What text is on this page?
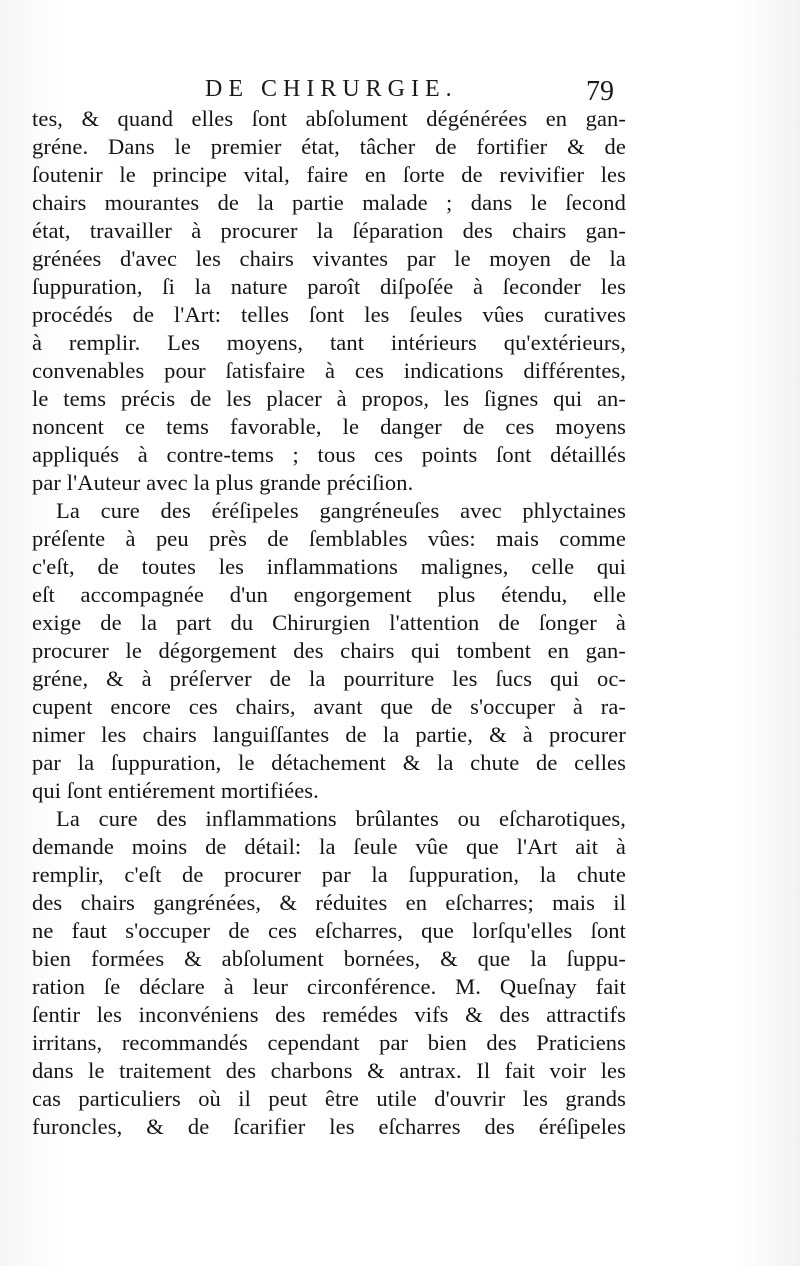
DE CHIRURGIE.	79
tes, & quand elles ſont abſolument dégénérées en gan-
gréne. Dans le premier état, tâcher de fortifier & de
ſoutenir le principe vital, faire en ſorte de revivifier les
chairs mourantes de la partie malade ; dans le ſecond
état, travailler à procurer la ſéparation des chairs gan-
grénées d'avec les chairs vivantes par le moyen de la
ſuppuration, ſi la nature paroît diſpoſée à ſeconder les
procédés de l'Art: telles ſont les ſeules vûes curatives
à remplir. Les moyens, tant intérieurs qu'extérieurs,
convenables pour ſatisfaire à ces indications différentes,
le tems précis de les placer à propos, les ſignes qui an-
noncent ce tems favorable, le danger de ces moyens
appliqués à contre-tems ; tous ces points ſont détaillés
par l'Auteur avec la plus grande préciſion.
La cure des éréſipeles gangréneuſes avec phlyctaines
préſente à peu près de ſemblables vûes: mais comme
c'eſt, de toutes les inflammations malignes, celle qui
eſt accompagnée d'un engorgement plus étendu, elle
exige de la part du Chirurgien l'attention de ſonger à
procurer le dégorgement des chairs qui tombent en gan-
gréne, & à préſerver de la pourriture les ſucs qui oc-
cupent encore ces chairs, avant que de s'occuper à ra-
nimer les chairs languiſſantes de la partie, & à procurer
par la ſuppuration, le détachement & la chute de celles
qui ſont entiérement mortifiées.
La cure des inflammations brûlantes ou eſcharotiques,
demande moins de détail: la ſeule vûe que l'Art ait à
remplir, c'eſt de procurer par la ſuppuration, la chute
des chairs gangrénées, & réduites en eſcharres; mais il
ne faut s'occuper de ces eſcharres, que lorſqu'elles ſont
bien formées & abſolument bornées, & que la ſuppu-
ration ſe déclare à leur circonférence. M. Queſnay fait
ſentir les inconvéniens des remédes vifs & des attractifs
irritans, recommandés cependant par bien des Praticiens
dans le traitement des charbons & antrax. Il fait voir les
cas particuliers où il peut être utile d'ouvrir les grands
furoncles, & de ſcarifier les eſcharres des éréſipeles
